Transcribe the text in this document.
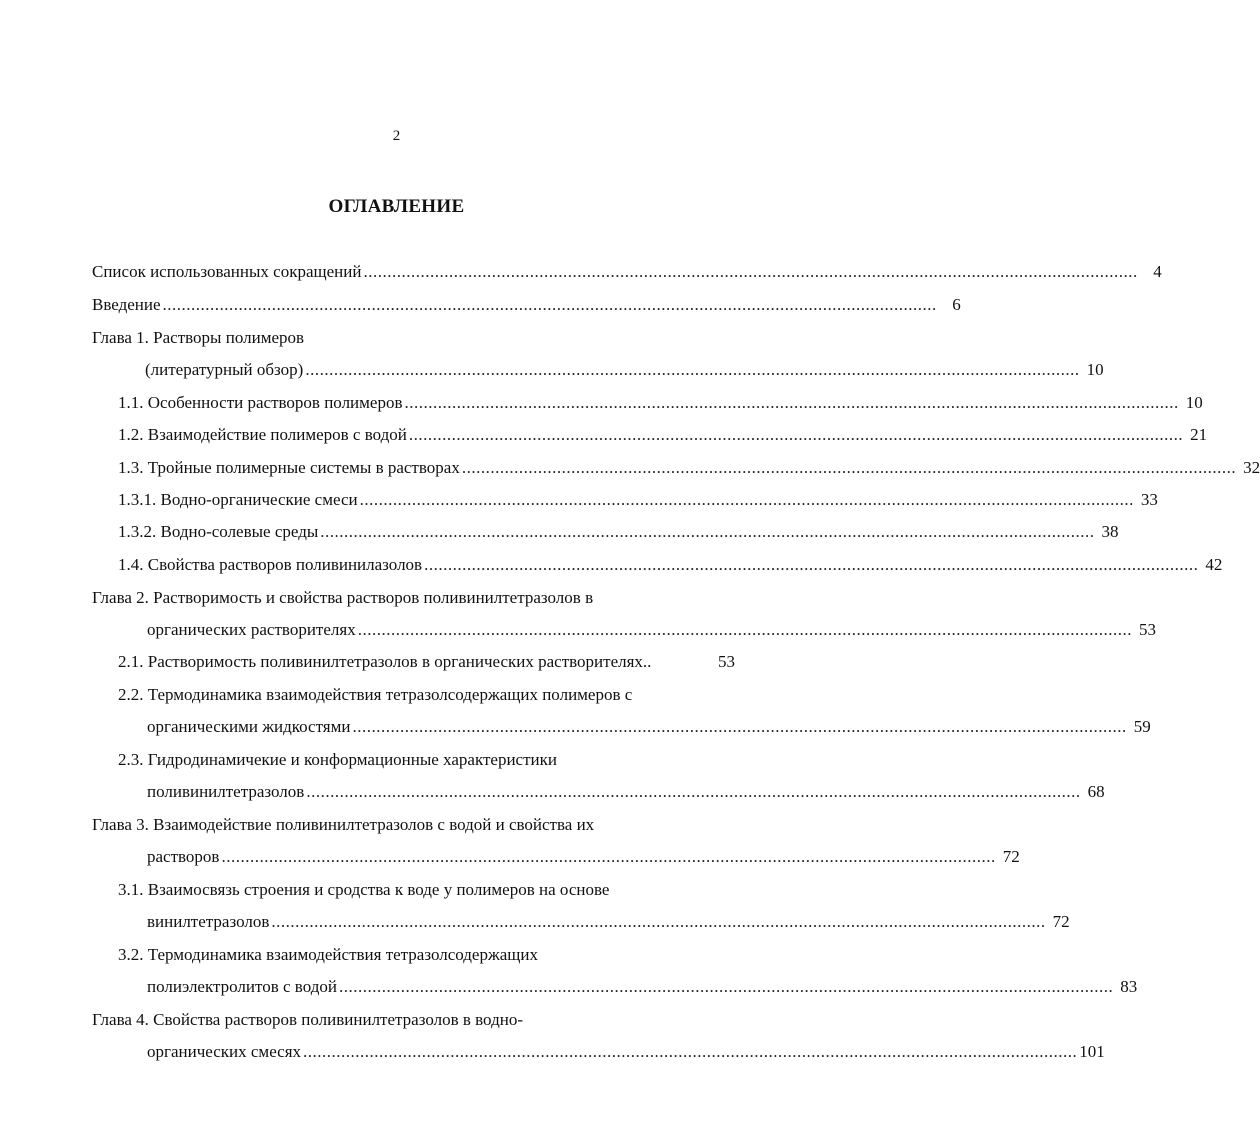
2
ОГЛАВЛЕНИЕ
Список использованных сокращений ................................................................................................................................................................... 4
Введение ................................................................................................................................................................... 6
Глава 1. Растворы полимеров
(литературный обзор) ................................................................................................................................................................... 10
1.1. Особенности растворов полимеров ................................................................................................................................................................... 10
1.2. Взаимодействие полимеров с водой ................................................................................................................................................................... 21
1.3. Тройные полимерные системы в растворах ................................................................................................................................................................... 32
1.3.1. Водно-органические смеси ................................................................................................................................................................... 33
1.3.2. Водно-солевые среды ................................................................................................................................................................... 38
1.4. Свойства растворов поливинилазолов ................................................................................................................................................................... 42
Глава 2. Растворимость и свойства растворов поливинилтетразолов в
органических растворителях ................................................................................................................................................................... 53
2.1. Растворимость поливинилтетразолов в органических растворителях..	53
2.2. Термодинамика взаимодействия тетразолсодержащих полимеров с
органическими жидкостями ................................................................................................................................................................... 59
2.3. Гидродинамичекие и конформационные характеристики
поливинилтетразолов ................................................................................................................................................................... 68
Глава 3. Взаимодействие поливинилтетразолов с водой и свойства их
растворов ................................................................................................................................................................... 72
3.1. Взаимосвязь строения и сродства к воде у полимеров на основе
винилтетразолов ................................................................................................................................................................... 72
3.2. Термодинамика взаимодействия тетразолсодержащих
полиэлектролитов с водой ................................................................................................................................................................... 83
Глава 4. Свойства растворов поливинилтетразолов в водно-
органических смесях ................................................................................................................................................................... 101
